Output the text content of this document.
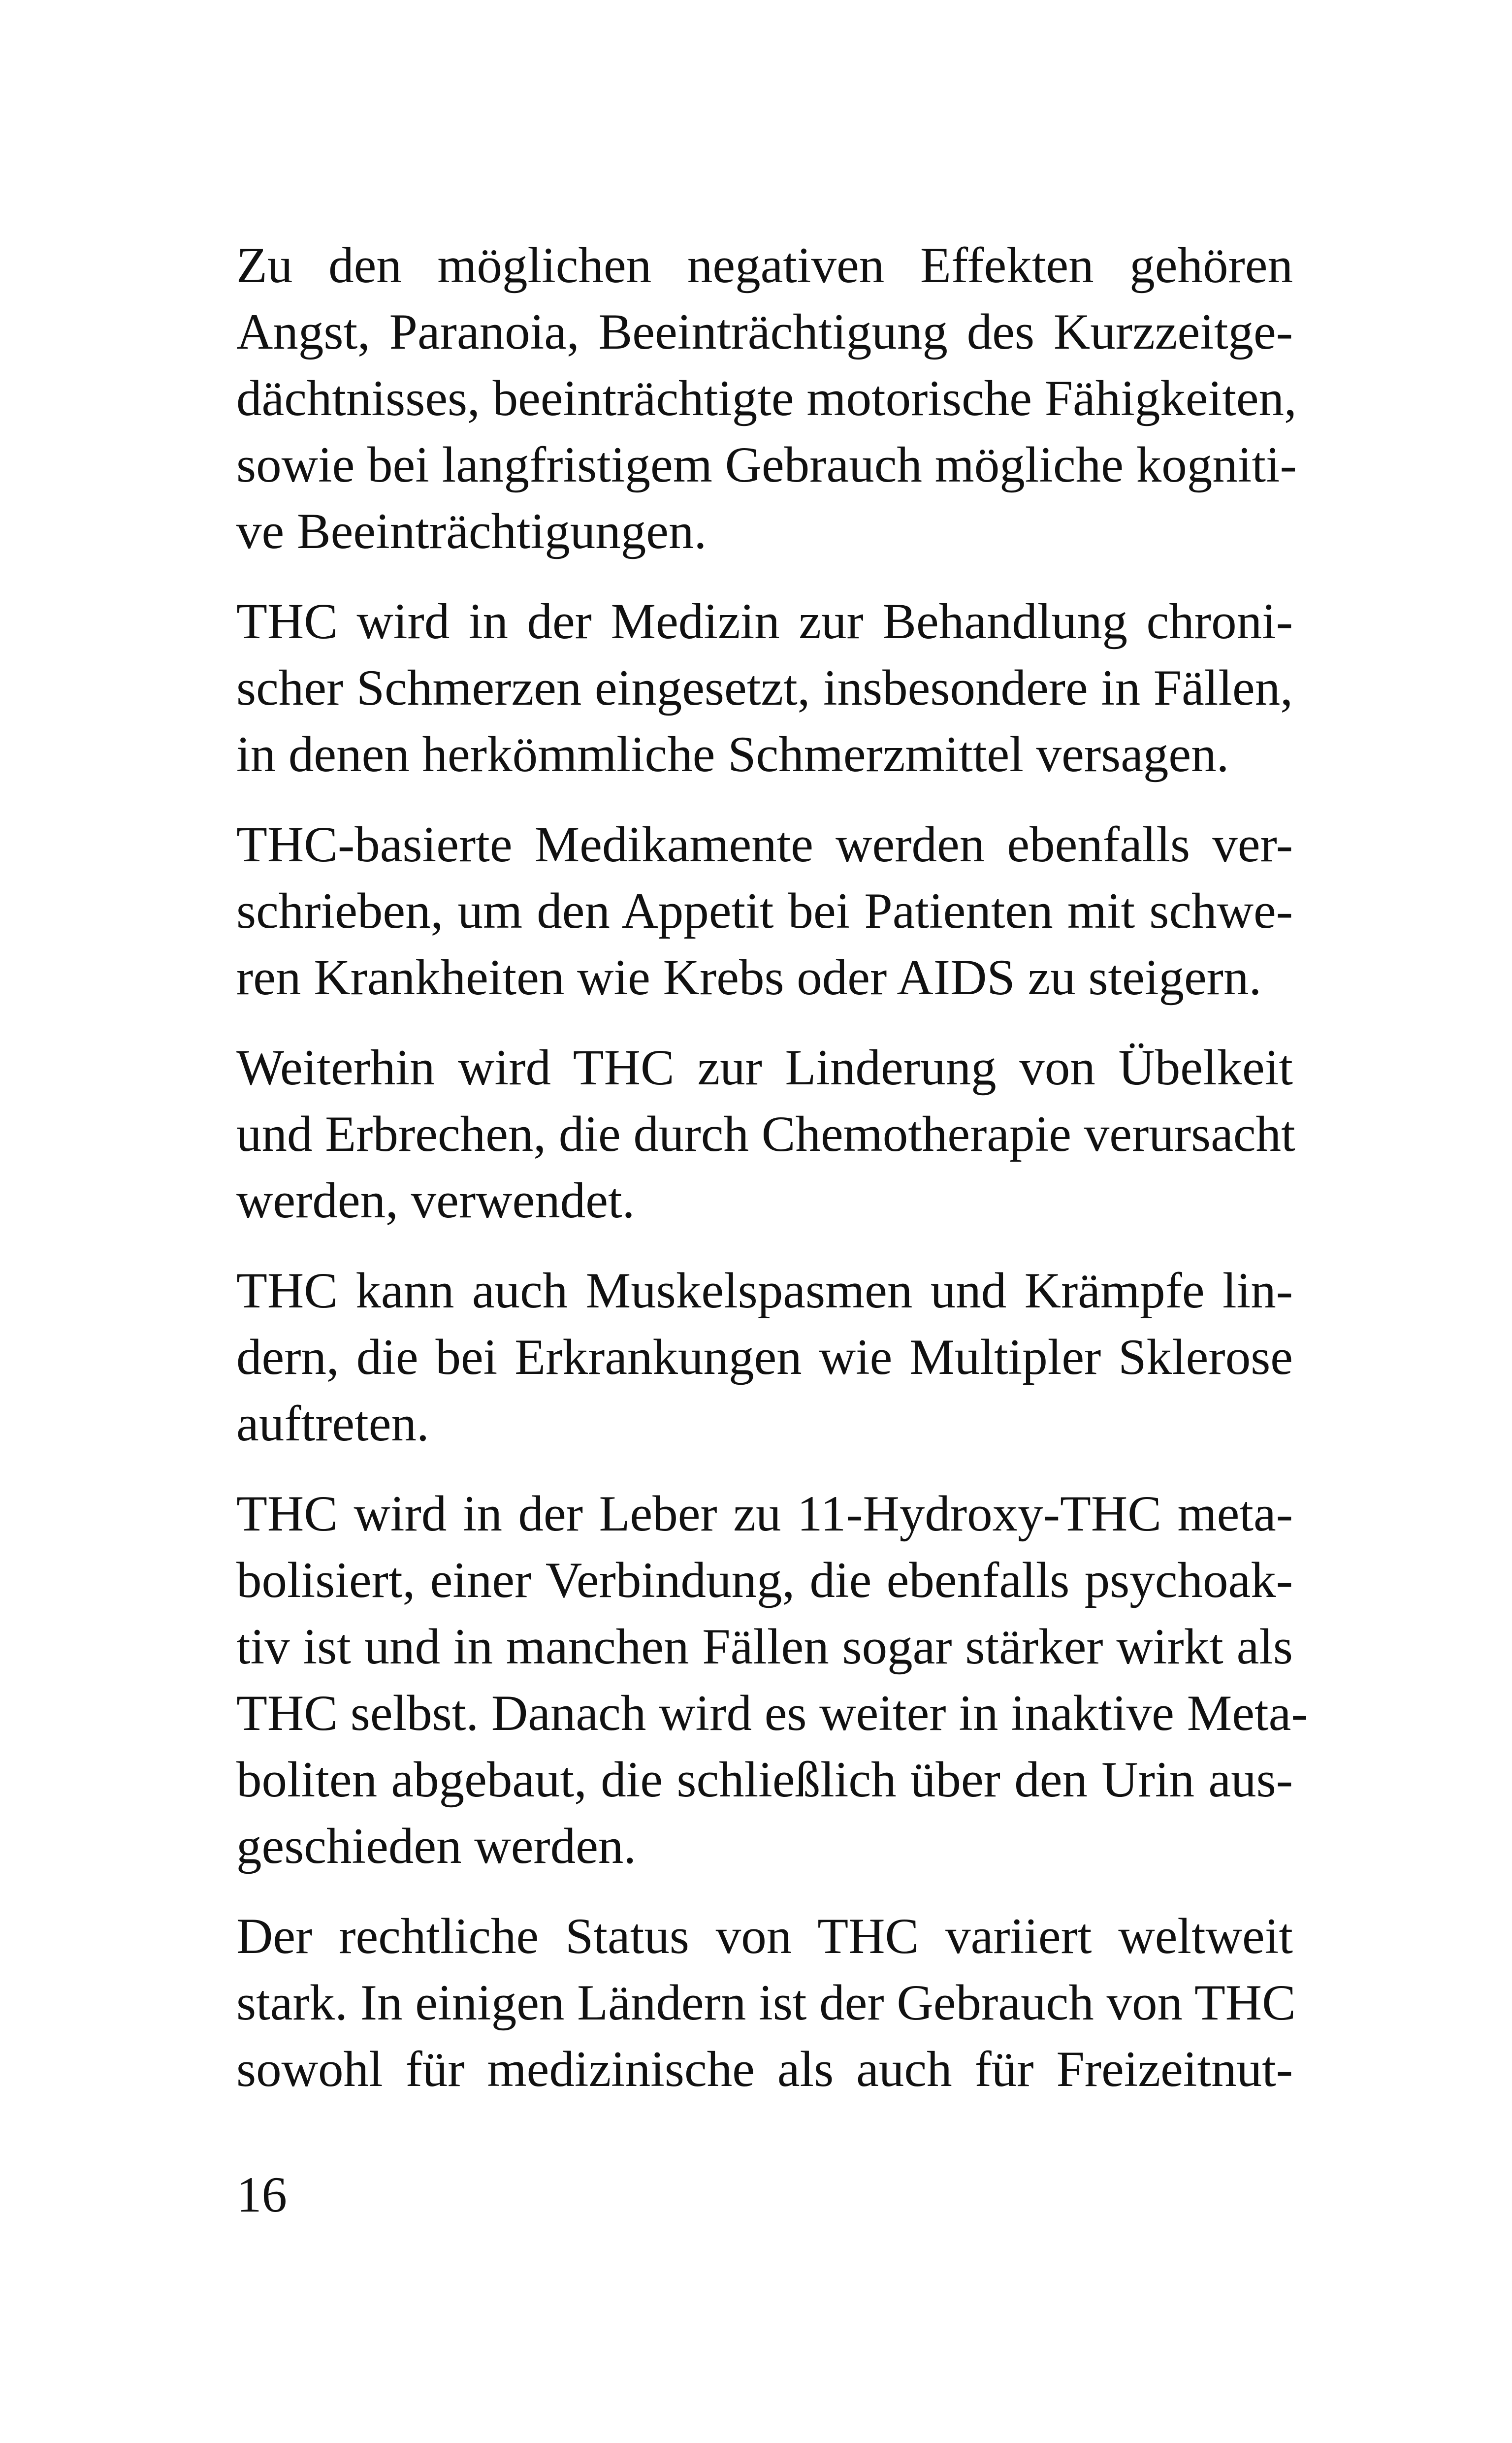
Zu den möglichen negativen Effekten gehören
Angst, Paranoia, Beeinträchtigung des Kurzzeitge-
dächtnisses, beeinträchtigte motorische Fähigkeiten,
sowie bei langfristigem Gebrauch mögliche kogniti-
ve Beeinträchtigungen.
THC wird in der Medizin zur Behandlung chroni-
scher Schmerzen eingesetzt, insbesondere in Fällen,
in denen herkömmliche Schmerzmittel versagen.
THC-basierte Medikamente werden ebenfalls ver-
schrieben, um den Appetit bei Patienten mit schwe-
ren Krankheiten wie Krebs oder AIDS zu steigern.
Weiterhin wird THC zur Linderung von Übelkeit
und Erbrechen, die durch Chemotherapie verursacht
werden, verwendet.
THC kann auch Muskelspasmen und Krämpfe lin-
dern, die bei Erkrankungen wie Multipler Sklerose
auftreten.
THC wird in der Leber zu 11-Hydroxy-THC meta-
bolisiert, einer Verbindung, die ebenfalls psychoak-
tiv ist und in manchen Fällen sogar stärker wirkt als
THC selbst. Danach wird es weiter in inaktive Meta-
boliten abgebaut, die schließlich über den Urin aus-
geschieden werden.
Der rechtliche Status von THC variiert weltweit
stark. In einigen Ländern ist der Gebrauch von THC
sowohl für medizinische als auch für Freizeitnut-
16
